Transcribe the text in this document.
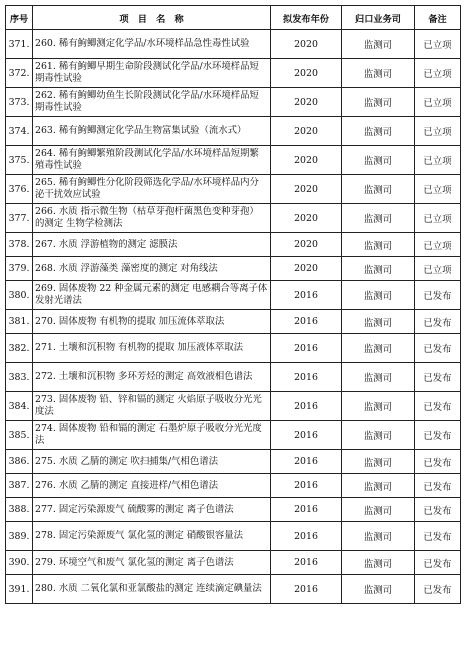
序号	项　目　名　称	拟发布年份	归口业务司	备注
371.	260. 稀有鮈鲫测定化学品/水环境样品急性毒性试验	2020	监测司	已立项
372.	261. 稀有鮈鲫早期生命阶段测试化学品/水环境样品短期毒性试验	2020	监测司	已立项
373.	262. 稀有鮈鲫幼鱼生长阶段测试化学品/水环境样品短期毒性试验	2020	监测司	已立项
374.	263. 稀有鮈鲫测定化学品生物富集试验（流水式）	2020	监测司	已立项
375.	264. 稀有鮈鲫繁殖阶段测试化学品/水环境样品短期繁殖毒性试验	2020	监测司	已立项
376.	265. 稀有鮈鲫性分化阶段筛选化学品/水环境样品内分泌干扰效应试验	2020	监测司	已立项
377.	266. 水质 指示微生物（枯草芽孢杆菌黑色变种芽孢）的测定 生物学检测法	2020	监测司	已立项
378.	267. 水质 浮游植物的测定 滤膜法	2020	监测司	已立项
379.	268. 水质 浮游藻类 藻密度的测定 对角线法	2020	监测司	已立项
380.	269. 固体废物 22 种金属元素的测定 电感耦合等离子体发射光谱法	2016	监测司	已发布
381.	270. 固体废物 有机物的提取 加压流体萃取法	2016	监测司	已发布
382.	271. 土壤和沉积物 有机物的提取 加压液体萃取法	2016	监测司	已发布
383.	272. 土壤和沉积物 多环芳烃的测定 高效液相色谱法	2016	监测司	已发布
384.	273. 固体废物 铅、锌和镉的测定 火焰原子吸收分光光度法	2016	监测司	已发布
385.	274. 固体废物 铅和镉的测定 石墨炉原子吸收分光光度法	2016	监测司	已发布
386.	275. 水质 乙腈的测定 吹扫捕集/气相色谱法	2016	监测司	已发布
387.	276. 水质 乙腈的测定 直接进样/气相色谱法	2016	监测司	已发布
388.	277. 固定污染源废气 硫酸雾的测定 离子色谱法	2016	监测司	已发布
389.	278. 固定污染源废气 氯化氢的测定 硝酸银容量法	2016	监测司	已发布
390.	279. 环境空气和废气 氯化氢的测定 离子色谱法	2016	监测司	已发布
391.	280. 水质 二氧化氯和亚氯酸盐的测定 连续滴定碘量法	2016	监测司	已发布
